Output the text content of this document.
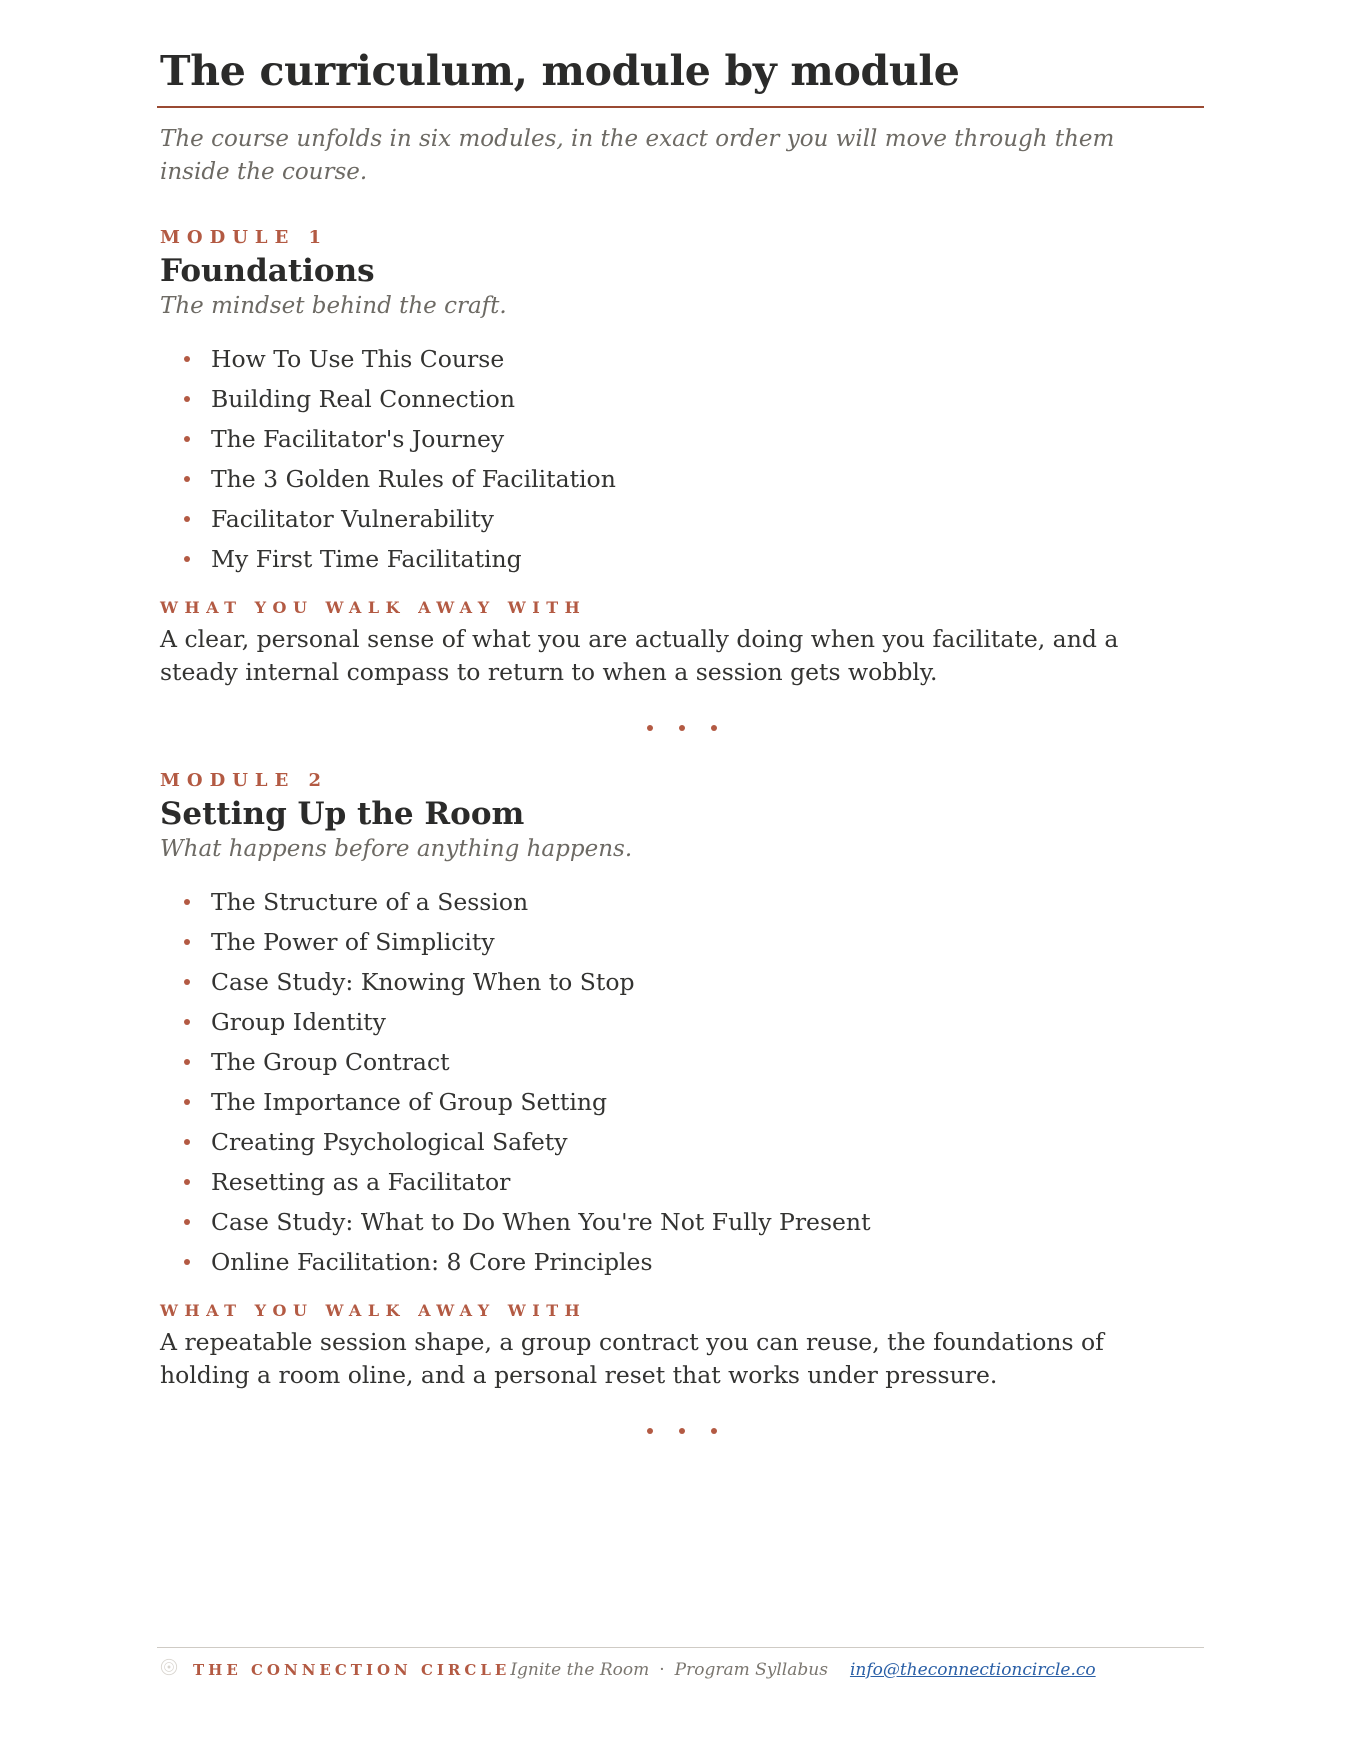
The curriculum, module by module

The course unfolds in six modules, in the exact order you will move through them inside the course.

MODULE 1
Foundations
The mindset behind the craft.
How To Use This Course
Building Real Connection
The Facilitator's Journey
The 3 Golden Rules of Facilitation
Facilitator Vulnerability
My First Time Facilitating
WHAT YOU WALK AWAY WITH
A clear, personal sense of what you are actually doing when you facilitate, and a steady internal compass to return to when a session gets wobbly.
MODULE 2
Setting Up the Room
What happens before anything happens.
The Structure of a Session
The Power of Simplicity
Case Study: Knowing When to Stop
Group Identity
The Group Contract
The Importance of Group Setting
Creating Psychological Safety
Resetting as a Facilitator
Case Study: What to Do When You're Not Fully Present
Online Facilitation: 8 Core Principles
WHAT YOU WALK AWAY WITH
A repeatable session shape, a group contract you can reuse, the foundations of holding a room oline, and a personal reset that works under pressure.
THE CONNECTION CIRCLE Ignite the Room · Program Syllabus info@theconnectioncircle.co
